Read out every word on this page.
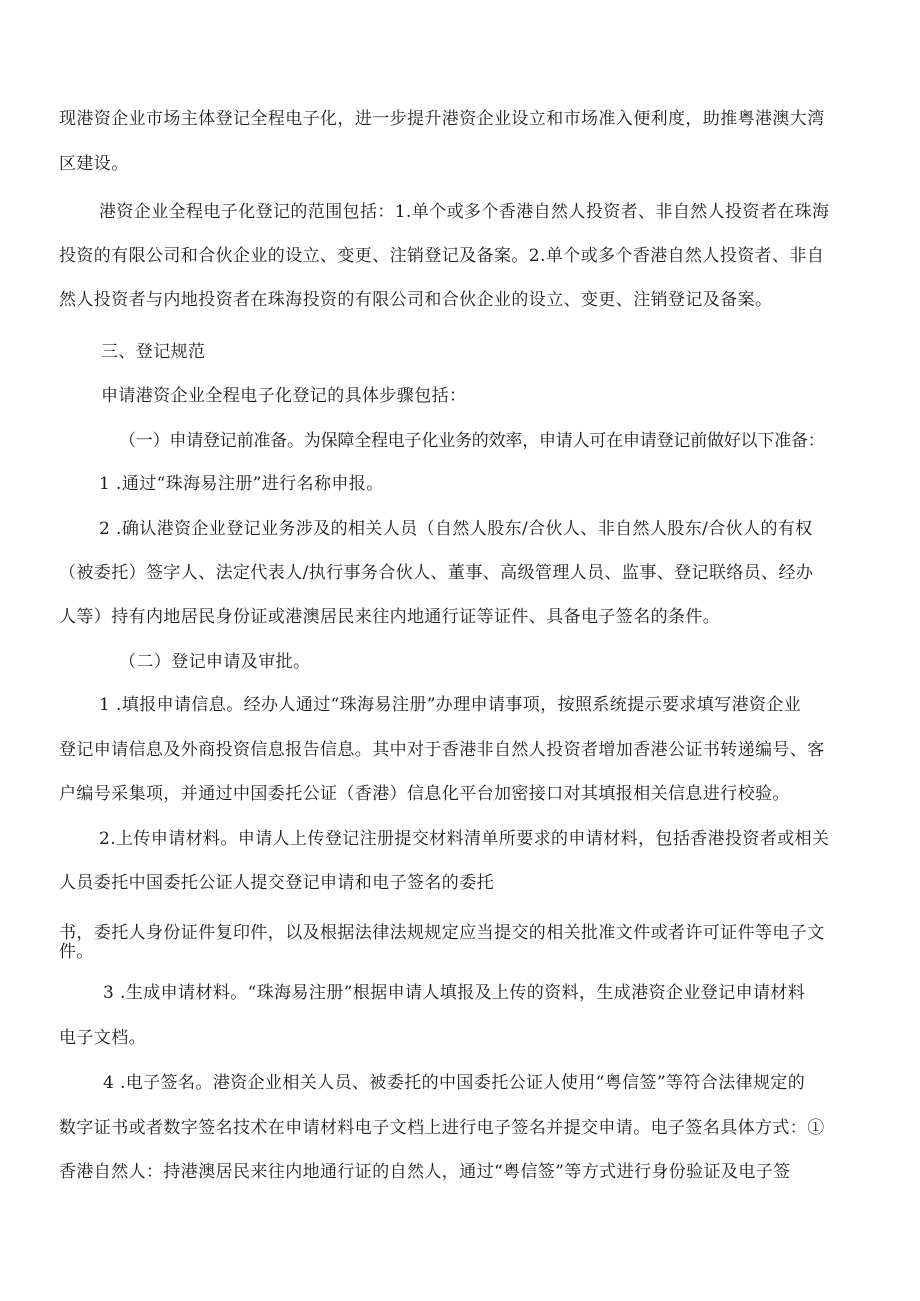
现港资企业市场主体登记全程电子化，进一步提升港资企业设立和市场准入便利度，助推粤港澳大湾

区建设。

港资企业全程电子化登记的范围包括：1.单个或多个香港自然人投资者、非自然人投资者在珠海

投资的有限公司和合伙企业的设立、变更、注销登记及备案。2.单个或多个香港自然人投资者、非自

然人投资者与内地投资者在珠海投资的有限公司和合伙企业的设立、变更、注销登记及备案。

三、登记规范

申请港资企业全程电子化登记的具体步骤包括：

（一）申请登记前准备。为保障全程电子化业务的效率，申请人可在申请登记前做好以下准备：

1 .通过“珠海易注册”进行名称申报。

2 .确认港资企业登记业务涉及的相关人员（自然人股东/合伙人、非自然人股东/合伙人的有权

（被委托）签字人、法定代表人/执行事务合伙人、董事、高级管理人员、监事、登记联络员、经办

人等）持有内地居民身份证或港澳居民来往内地通行证等证件、具备电子签名的条件。

（二）登记申请及审批。

1 .填报申请信息。经办人通过“珠海易注册”办理申请事项，按照系统提示要求填写港资企业

登记申请信息及外商投资信息报告信息。其中对于香港非自然人投资者增加香港公证书转递编号、客

户编号采集项，并通过中国委托公证（香港）信息化平台加密接口对其填报相关信息进行校验。

2.上传申请材料。申请人上传登记注册提交材料清单所要求的申请材料，包括香港投资者或相关

人员委托中国委托公证人提交登记申请和电子签名的委托

书，委托人身份证件复印件，以及根据法律法规规定应当提交的相关批准文件或者许可证件等电子文

件。

3 .生成申请材料。“珠海易注册”根据申请人填报及上传的资料，生成港资企业登记申请材料

电子文档。

4 .电子签名。港资企业相关人员、被委托的中国委托公证人使用“粤信签”等符合法律规定的

数字证书或者数字签名技术在申请材料电子文档上进行电子签名并提交申请。电子签名具体方式：①

香港自然人：持港澳居民来往内地通行证的自然人，通过“粤信签”等方式进行身份验证及电子签
